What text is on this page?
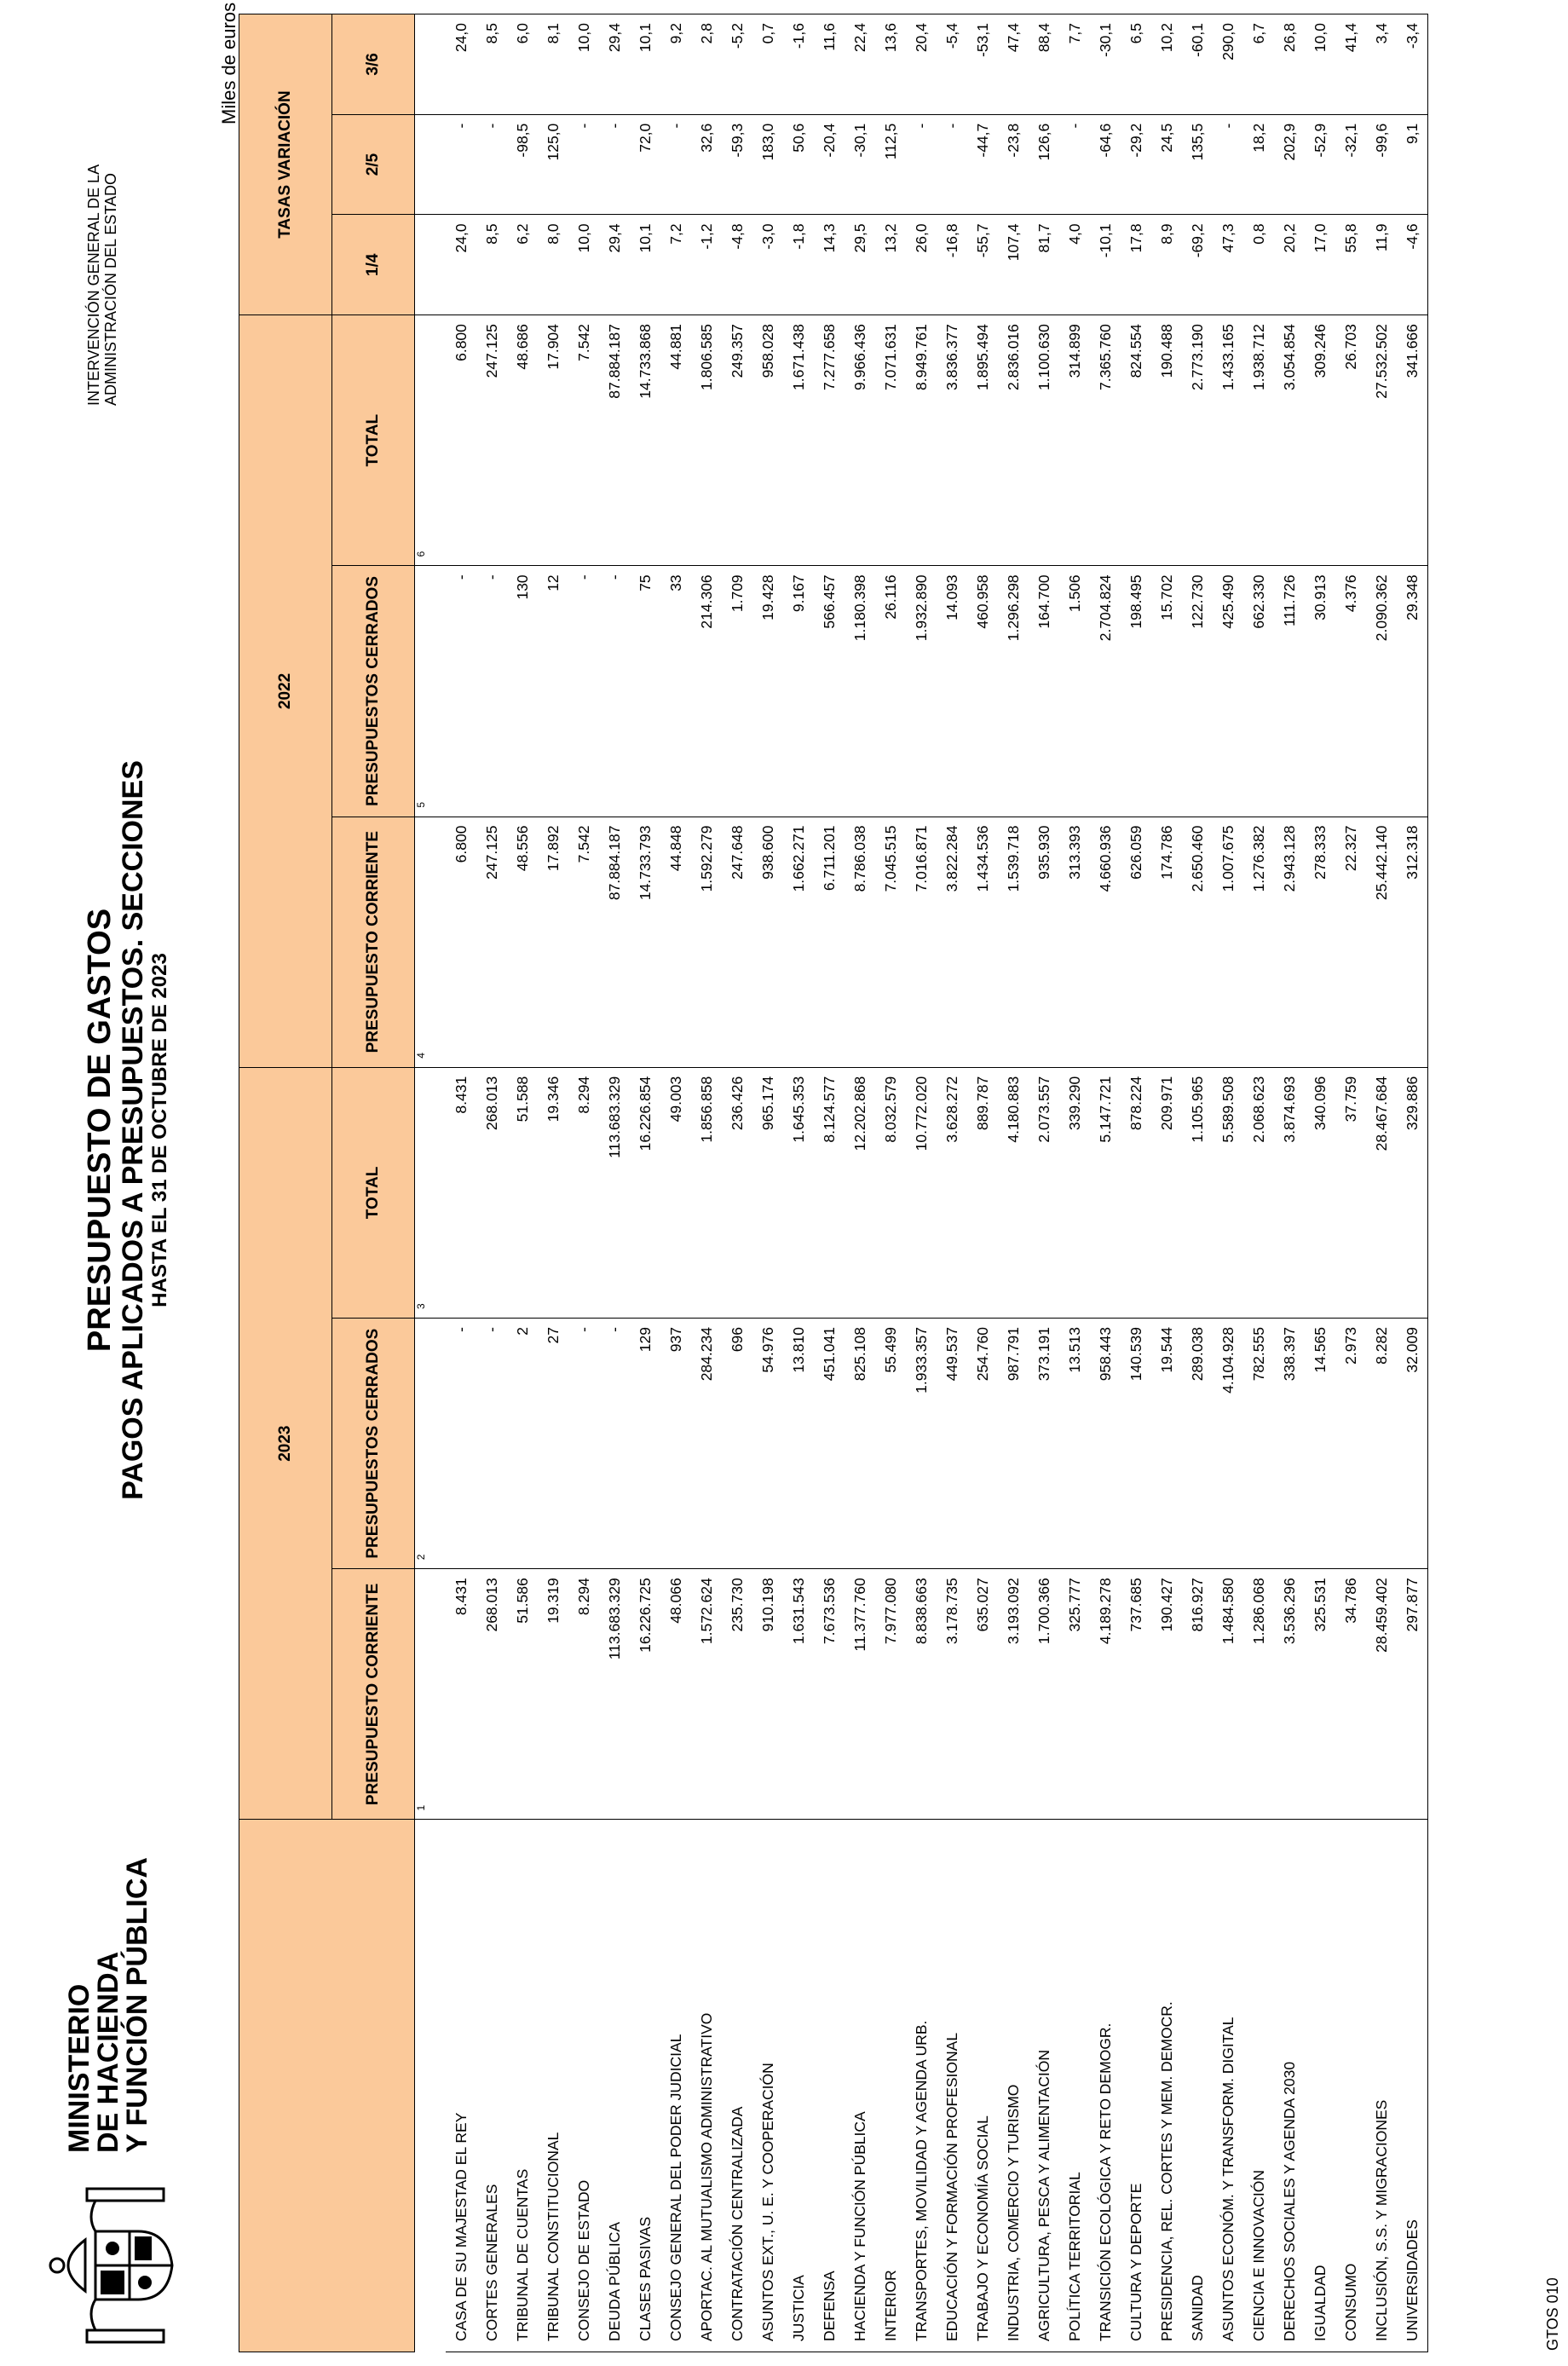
MINISTERIO
DE HACIENDA
Y FUNCIÓN PÚBLICA
PRESUPUESTO DE GASTOS PAGOS APLICADOS A PRESUPUESTOS. SECCIONES HASTA EL 31 DE OCTUBRE DE 2023
INTERVENCIÓN GENERAL DE LA ADMINISTRACIÓN DEL ESTADO
Miles de euros
	2023			2022			TASAS VARIACIÓN		
	PRESUPUESTO CORRIENTE	PRESUPUESTOS CERRADOS	TOTAL	PRESUPUESTO CORRIENTE	PRESUPUESTOS CERRADOS	TOTAL	1/4	2/5	3/6
	1	2	3	4	5	6			
CASA DE SU MAJESTAD EL REY	8.431	-	8.431	6.800	-	6.800	24,0	-	24,0
CORTES GENERALES	268.013	-	268.013	247.125	-	247.125	8,5	-	8,5
TRIBUNAL DE CUENTAS	51.586	2	51.588	48.556	130	48.686	6,2	-98,5	6,0
TRIBUNAL CONSTITUCIONAL	19.319	27	19.346	17.892	12	17.904	8,0	125,0	8,1
CONSEJO DE ESTADO	8.294	-	8.294	7.542	-	7.542	10,0	-	10,0
DEUDA PÚBLICA	113.683.329	-	113.683.329	87.884.187	-	87.884.187	29,4	-	29,4
CLASES PASIVAS	16.226.725	129	16.226.854	14.733.793	75	14.733.868	10,1	72,0	10,1
CONSEJO GENERAL DEL PODER JUDICIAL	48.066	937	49.003	44.848	33	44.881	7,2	-	9,2
APORTAC. AL MUTUALISMO ADMINISTRATIVO	1.572.624	284.234	1.856.858	1.592.279	214.306	1.806.585	-1,2	32,6	2,8
CONTRATACIÓN CENTRALIZADA	235.730	696	236.426	247.648	1.709	249.357	-4,8	-59,3	-5,2
ASUNTOS EXT., U. E. Y COOPERACIÓN	910.198	54.976	965.174	938.600	19.428	958.028	-3,0	183,0	0,7
JUSTICIA	1.631.543	13.810	1.645.353	1.662.271	9.167	1.671.438	-1,8	50,6	-1,6
DEFENSA	7.673.536	451.041	8.124.577	6.711.201	566.457	7.277.658	14,3	-20,4	11,6
HACIENDA Y FUNCIÓN PÚBLICA	11.377.760	825.108	12.202.868	8.786.038	1.180.398	9.966.436	29,5	-30,1	22,4
INTERIOR	7.977.080	55.499	8.032.579	7.045.515	26.116	7.071.631	13,2	112,5	13,6
TRANSPORTES, MOVILIDAD Y AGENDA URB.	8.838.663	1.933.357	10.772.020	7.016.871	1.932.890	8.949.761	26,0	-	20,4
EDUCACIÓN Y FORMACIÓN PROFESIONAL	3.178.735	449.537	3.628.272	3.822.284	14.093	3.836.377	-16,8	-	-5,4
TRABAJO Y ECONOMÍA SOCIAL	635.027	254.760	889.787	1.434.536	460.958	1.895.494	-55,7	-44,7	-53,1
INDUSTRIA, COMERCIO Y TURISMO	3.193.092	987.791	4.180.883	1.539.718	1.296.298	2.836.016	107,4	-23,8	47,4
AGRICULTURA, PESCA Y ALIMENTACIÓN	1.700.366	373.191	2.073.557	935.930	164.700	1.100.630	81,7	126,6	88,4
POLÍTICA TERRITORIAL	325.777	13.513	339.290	313.393	1.506	314.899	4,0	-	7,7
TRANSICIÓN ECOLÓGICA Y RETO DEMOGR.	4.189.278	958.443	5.147.721	4.660.936	2.704.824	7.365.760	-10,1	-64,6	-30,1
CULTURA Y DEPORTE	737.685	140.539	878.224	626.059	198.495	824.554	17,8	-29,2	6,5
PRESIDENCIA, REL. CORTES Y MEM. DEMOCR.	190.427	19.544	209.971	174.786	15.702	190.488	8,9	24,5	10,2
SANIDAD	816.927	289.038	1.105.965	2.650.460	122.730	2.773.190	-69,2	135,5	-60,1
ASUNTOS ECONÓM. Y TRANSFORM. DIGITAL	1.484.580	4.104.928	5.589.508	1.007.675	425.490	1.433.165	47,3	-	290,0
CIENCIA E INNOVACIÓN	1.286.068	782.555	2.068.623	1.276.382	662.330	1.938.712	0,8	18,2	6,7
DERECHOS SOCIALES Y AGENDA 2030	3.536.296	338.397	3.874.693	2.943.128	111.726	3.054.854	20,2	202,9	26,8
IGUALDAD	325.531	14.565	340.096	278.333	30.913	309.246	17,0	-52,9	10,0
CONSUMO	34.786	2.973	37.759	22.327	4.376	26.703	55,8	-32,1	41,4
INCLUSIÓN, S.S. Y MIGRACIONES	28.459.402	8.282	28.467.684	25.442.140	2.090.362	27.532.502	11,9	-99,6	3,4
UNIVERSIDADES	297.877	32.009	329.886	312.318	29.348	341.666	-4,6	9,1	-3,4
GTOS 010
